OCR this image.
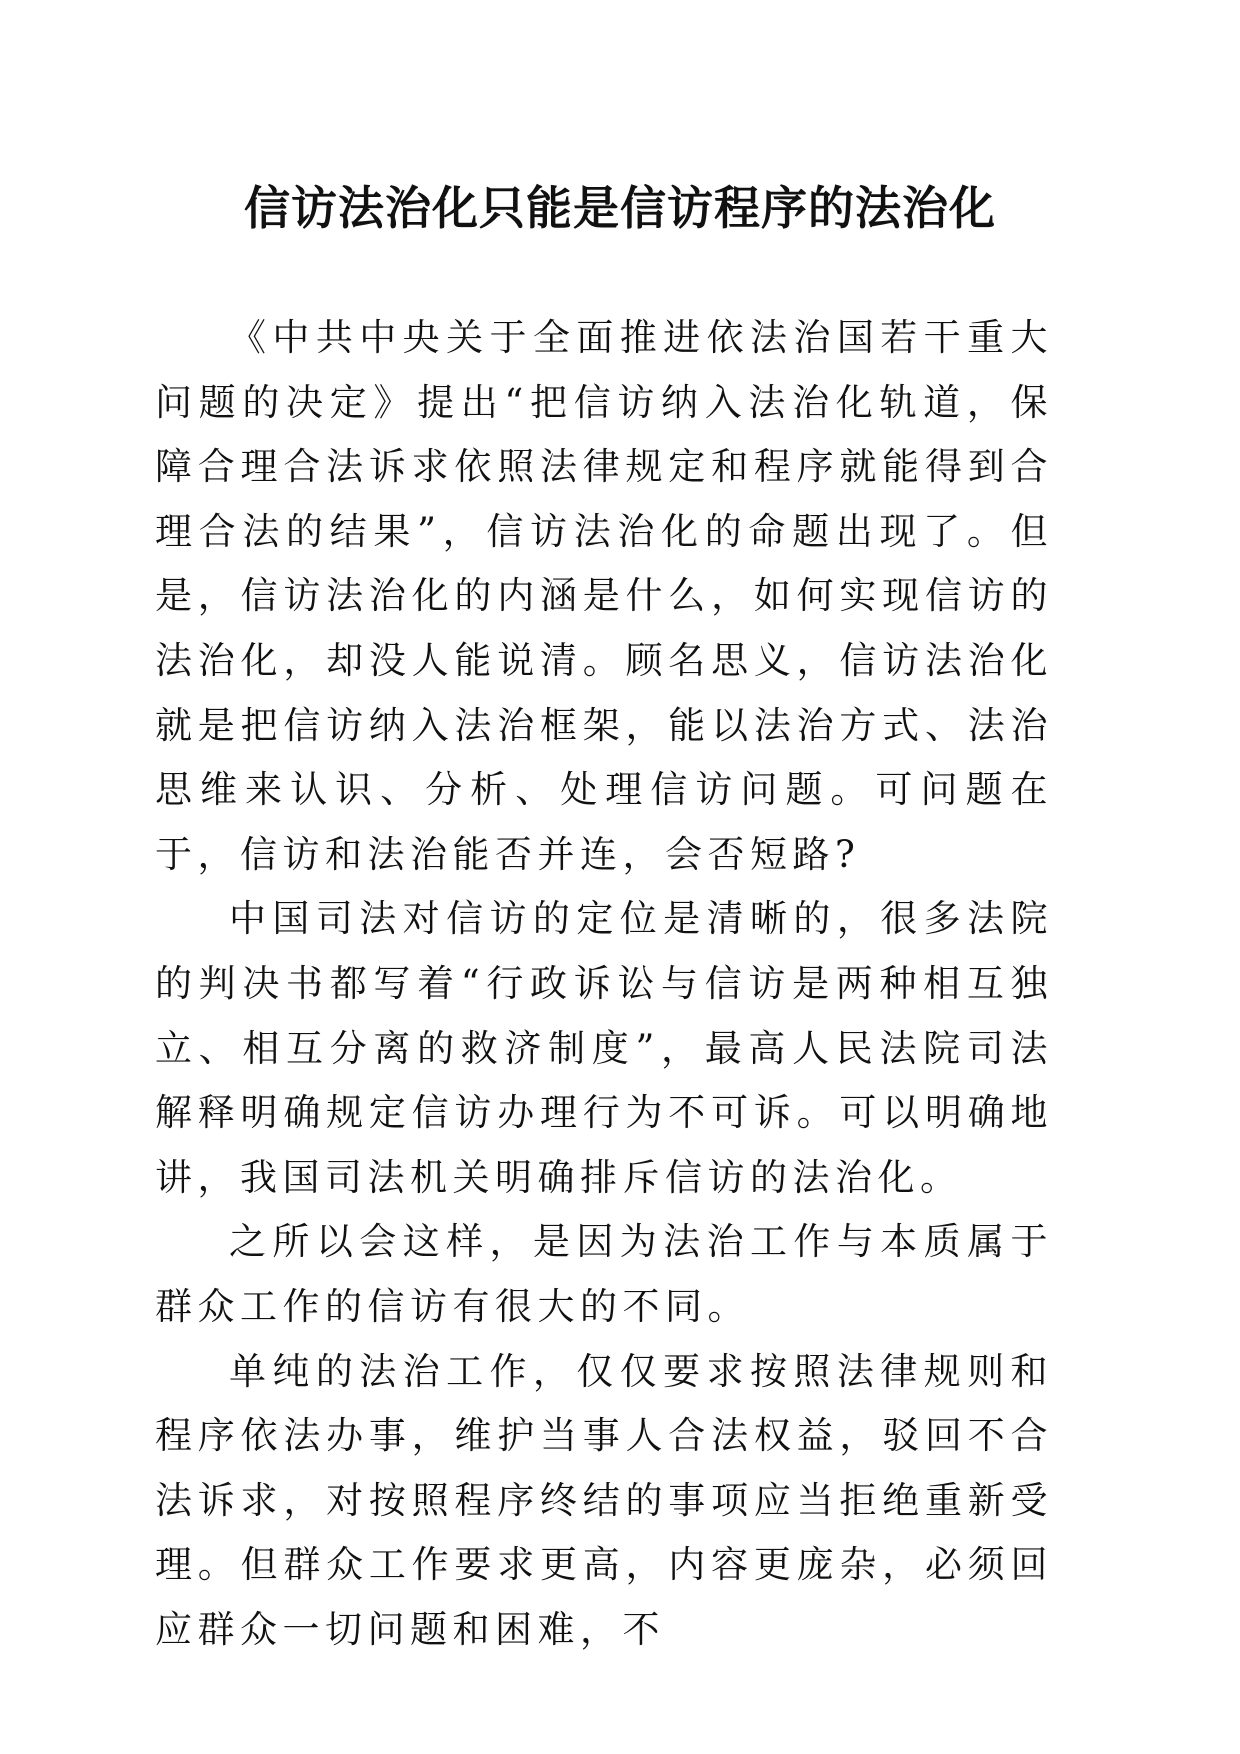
信访法治化只能是信访程序的法治化

《中共中央关于全面推进依法治国若干重大问题的决定》提出“把信访纳入法治化轨道，保障合理合法诉求依照法律规定和程序就能得到合理合法的结果”，信访法治化的命题出现了。但是，信访法治化的内涵是什么，如何实现信访的法治化，却没人能说清。顾名思义，信访法治化就是把信访纳入法治框架，能以法治方式、法治思维来认识、分析、处理信访问题。可问题在于，信访和法治能否并连，会否短路?

中国司法对信访的定位是清晰的，很多法院的判决书都写着“行政诉讼与信访是两种相互独立、相互分离的救济制度”，最高人民法院司法解释明确规定信访办理行为不可诉。可以明确地讲，我国司法机关明确排斥信访的法治化。

之所以会这样，是因为法治工作与本质属于群众工作的信访有很大的不同。

单纯的法治工作，仅仅要求按照法律规则和程序依法办事，维护当事人合法权益，驳回不合法诉求，对按照程序终结的事项应当拒绝重新受理。但群众工作要求更高，内容更庞杂，必须回应群众一切问题和困难，不
